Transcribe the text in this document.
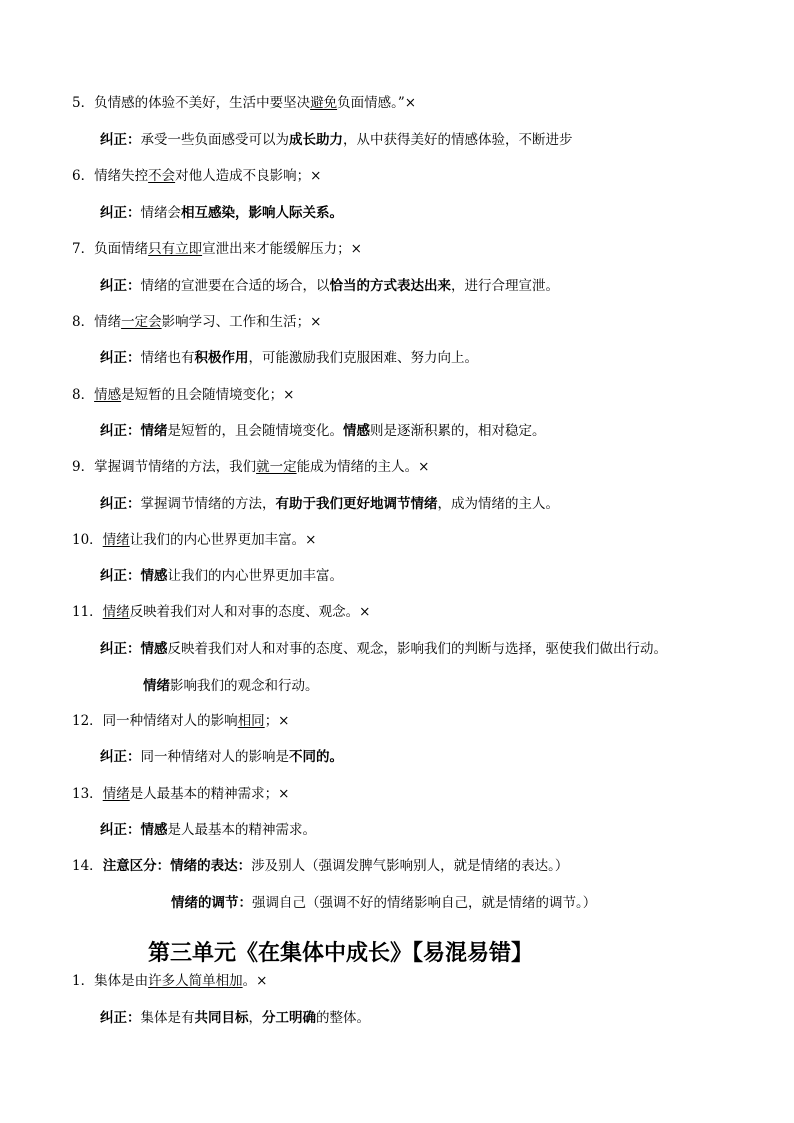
5．负情感的体验不美好，生活中要坚决避免负面情感。”×
纠正：承受一些负面感受可以为成长助力，从中获得美好的情感体验，不断进步
6．情绪失控不会对他人造成不良影响；×
纠正：情绪会相互感染，影响人际关系。
7．负面情绪只有立即宣泄出来才能缓解压力；×
纠正：情绪的宣泄要在合适的场合，以恰当的方式表达出来，进行合理宣泄。
8．情绪一定会影响学习、工作和生活；×
纠正：情绪也有积极作用，可能激励我们克服困难、努力向上。
8．情感是短暂的且会随情境变化；×
纠正：情绪是短暂的，且会随情境变化。情感则是逐渐积累的，相对稳定。
9．掌握调节情绪的方法，我们就一定能成为情绪的主人。×
纠正：掌握调节情绪的方法，有助于我们更好地调节情绪，成为情绪的主人。
10．情绪让我们的内心世界更加丰富。×
纠正：情感让我们的内心世界更加丰富。
11．情绪反映着我们对人和对事的态度、观念。×
纠正：情感反映着我们对人和对事的态度、观念，影响我们的判断与选择，驱使我们做出行动。
情绪影响我们的观念和行动。
12．同一种情绪对人的影响相同；×
纠正：同一种情绪对人的影响是不同的。
13．情绪是人最基本的精神需求；×
纠正：情感是人最基本的精神需求。
14．注意区分：情绪的表达：涉及别人（强调发脾气影响别人，就是情绪的表达。）
情绪的调节：强调自己（强调不好的情绪影响自己，就是情绪的调节。）
第三单元《在集体中成长》【易混易错】
1．集体是由许多人简单相加。×
纠正：集体是有共同目标，分工明确的整体。
